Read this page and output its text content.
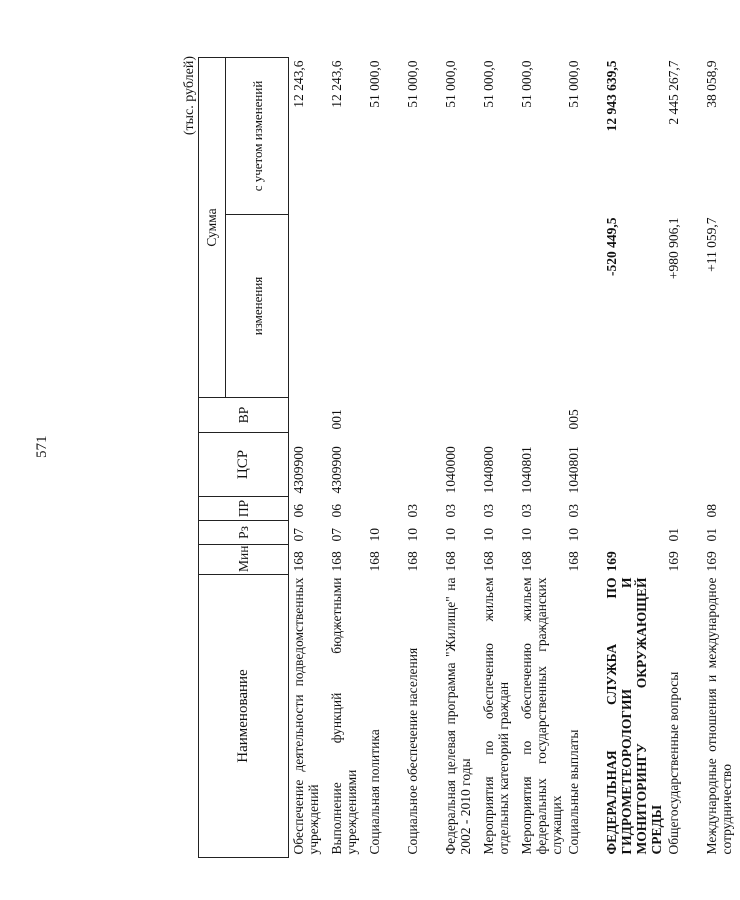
571
(тыс. рублей)
Наименование	Мин	Рз	ПР	ЦСР	ВР	Сумма	
						изменения	с учетом изменений
Обеспечение деятельности подведомственных учреждений	168	07	06	4309900			12 243,6
Выполнение функций бюджетными учреждениями	168	07	06	4309900	001		12 243,6
Социальная политика	168	10					51 000,0
Социальное обеспечение населения	168	10	03				51 000,0
Федеральная целевая программа "Жилище" на 2002 - 2010 годы	168	10	03	1040000			51 000,0
Мероприятия по обеспечению жильем отдельных категорий граждан	168	10	03	1040800			51 000,0
Мероприятия по обеспечению жильем федеральных государственных гражданских служащих	168	10	03	1040801			51 000,0
Социальные выплаты	168	10	03	1040801	005		51 000,0
ФЕДЕРАЛЬНАЯ СЛУЖБА ПО ГИДРОМЕТЕОРОЛОГИИ И МОНИТОРИНГУ ОКРУЖАЮЩЕЙ СРЕДЫ	169					-520 449,5	12 943 639,5
Общегосударственные вопросы	169	01				+980 906,1	2 445 267,7
Международные отношения и международное сотрудничество	169	01	08			+11 059,7	38 058,9
